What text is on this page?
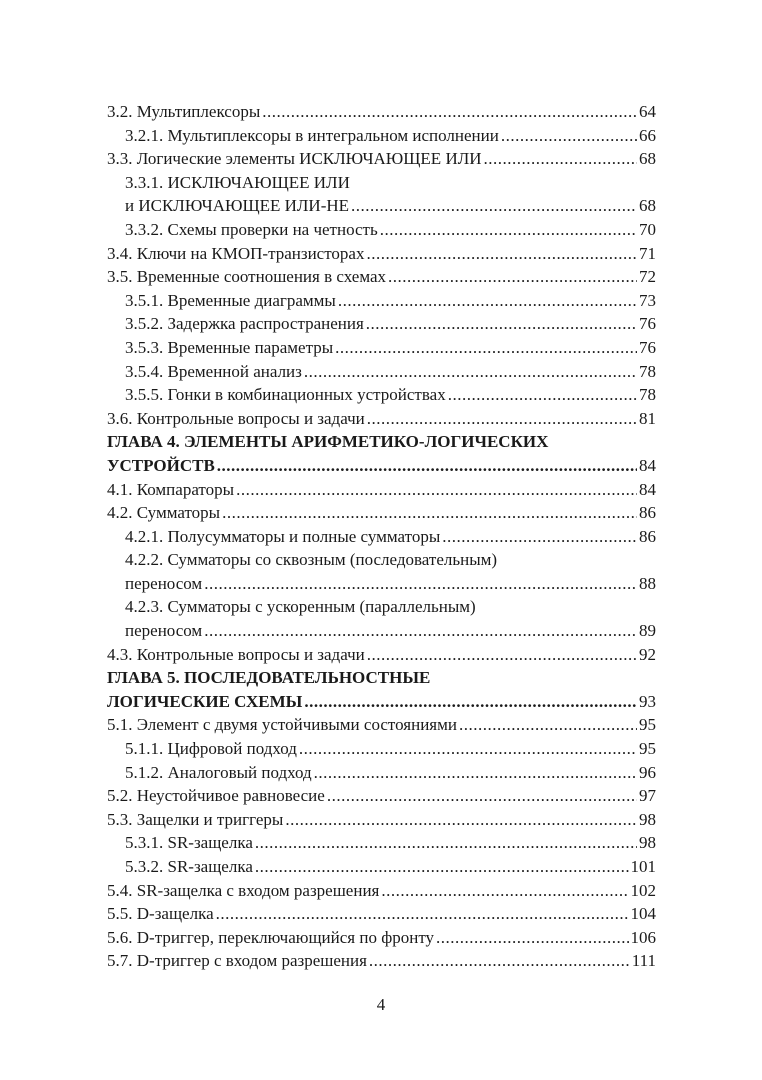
3.2. Мультиплексоры .....	64
3.2.1. Мультиплексоры в интегральном исполнении .....	66
3.3. Логические элементы ИСКЛЮЧАЮЩЕЕ ИЛИ .....	68
3.3.1. ИСКЛЮЧАЮЩЕЕ ИЛИ
и ИСКЛЮЧАЮЩЕЕ ИЛИ-НЕ .....	68
3.3.2. Схемы проверки на четность .....	70
3.4. Ключи на КМОП-транзисторах .....	71
3.5. Временные соотношения в схемах .....	72
3.5.1. Временные диаграммы .....	73
3.5.2. Задержка распространения .....	76
3.5.3. Временные параметры .....	76
3.5.4. Временной анализ .....	78
3.5.5. Гонки в комбинационных устройствах .....	78
3.6. Контрольные вопросы и задачи .....	81
ГЛАВА 4. ЭЛЕМЕНТЫ АРИФМЕТИКО-ЛОГИЧЕСКИХ
УСТРОЙСТВ .....	84
4.1. Компараторы .....	84
4.2. Сумматоры .....	86
4.2.1. Полусумматоры и полные сумматоры .....	86
4.2.2. Сумматоры со сквозным (последовательным)
переносом .....	88
4.2.3. Сумматоры с ускоренным (параллельным)
переносом .....	89
4.3. Контрольные вопросы и задачи .....	92
ГЛАВА 5. ПОСЛЕДОВАТЕЛЬНОСТНЫЕ
ЛОГИЧЕСКИЕ СХЕМЫ .....	93
5.1. Элемент с двумя устойчивыми состояниями .....	95
5.1.1. Цифровой подход .....	95
5.1.2. Аналоговый подход .....	96
5.2. Неустойчивое равновесие .....	97
5.3. Защелки и триггеры .....	98
5.3.1. SR-защелка .....	98
5.3.2. SR-защелка .....	101
5.4. SR-защелка с входом разрешения .....	102
5.5. D-защелка .....	104
5.6. D-триггер, переключающийся по фронту .....	106
5.7. D-триггер с входом разрешения .....	111
4
